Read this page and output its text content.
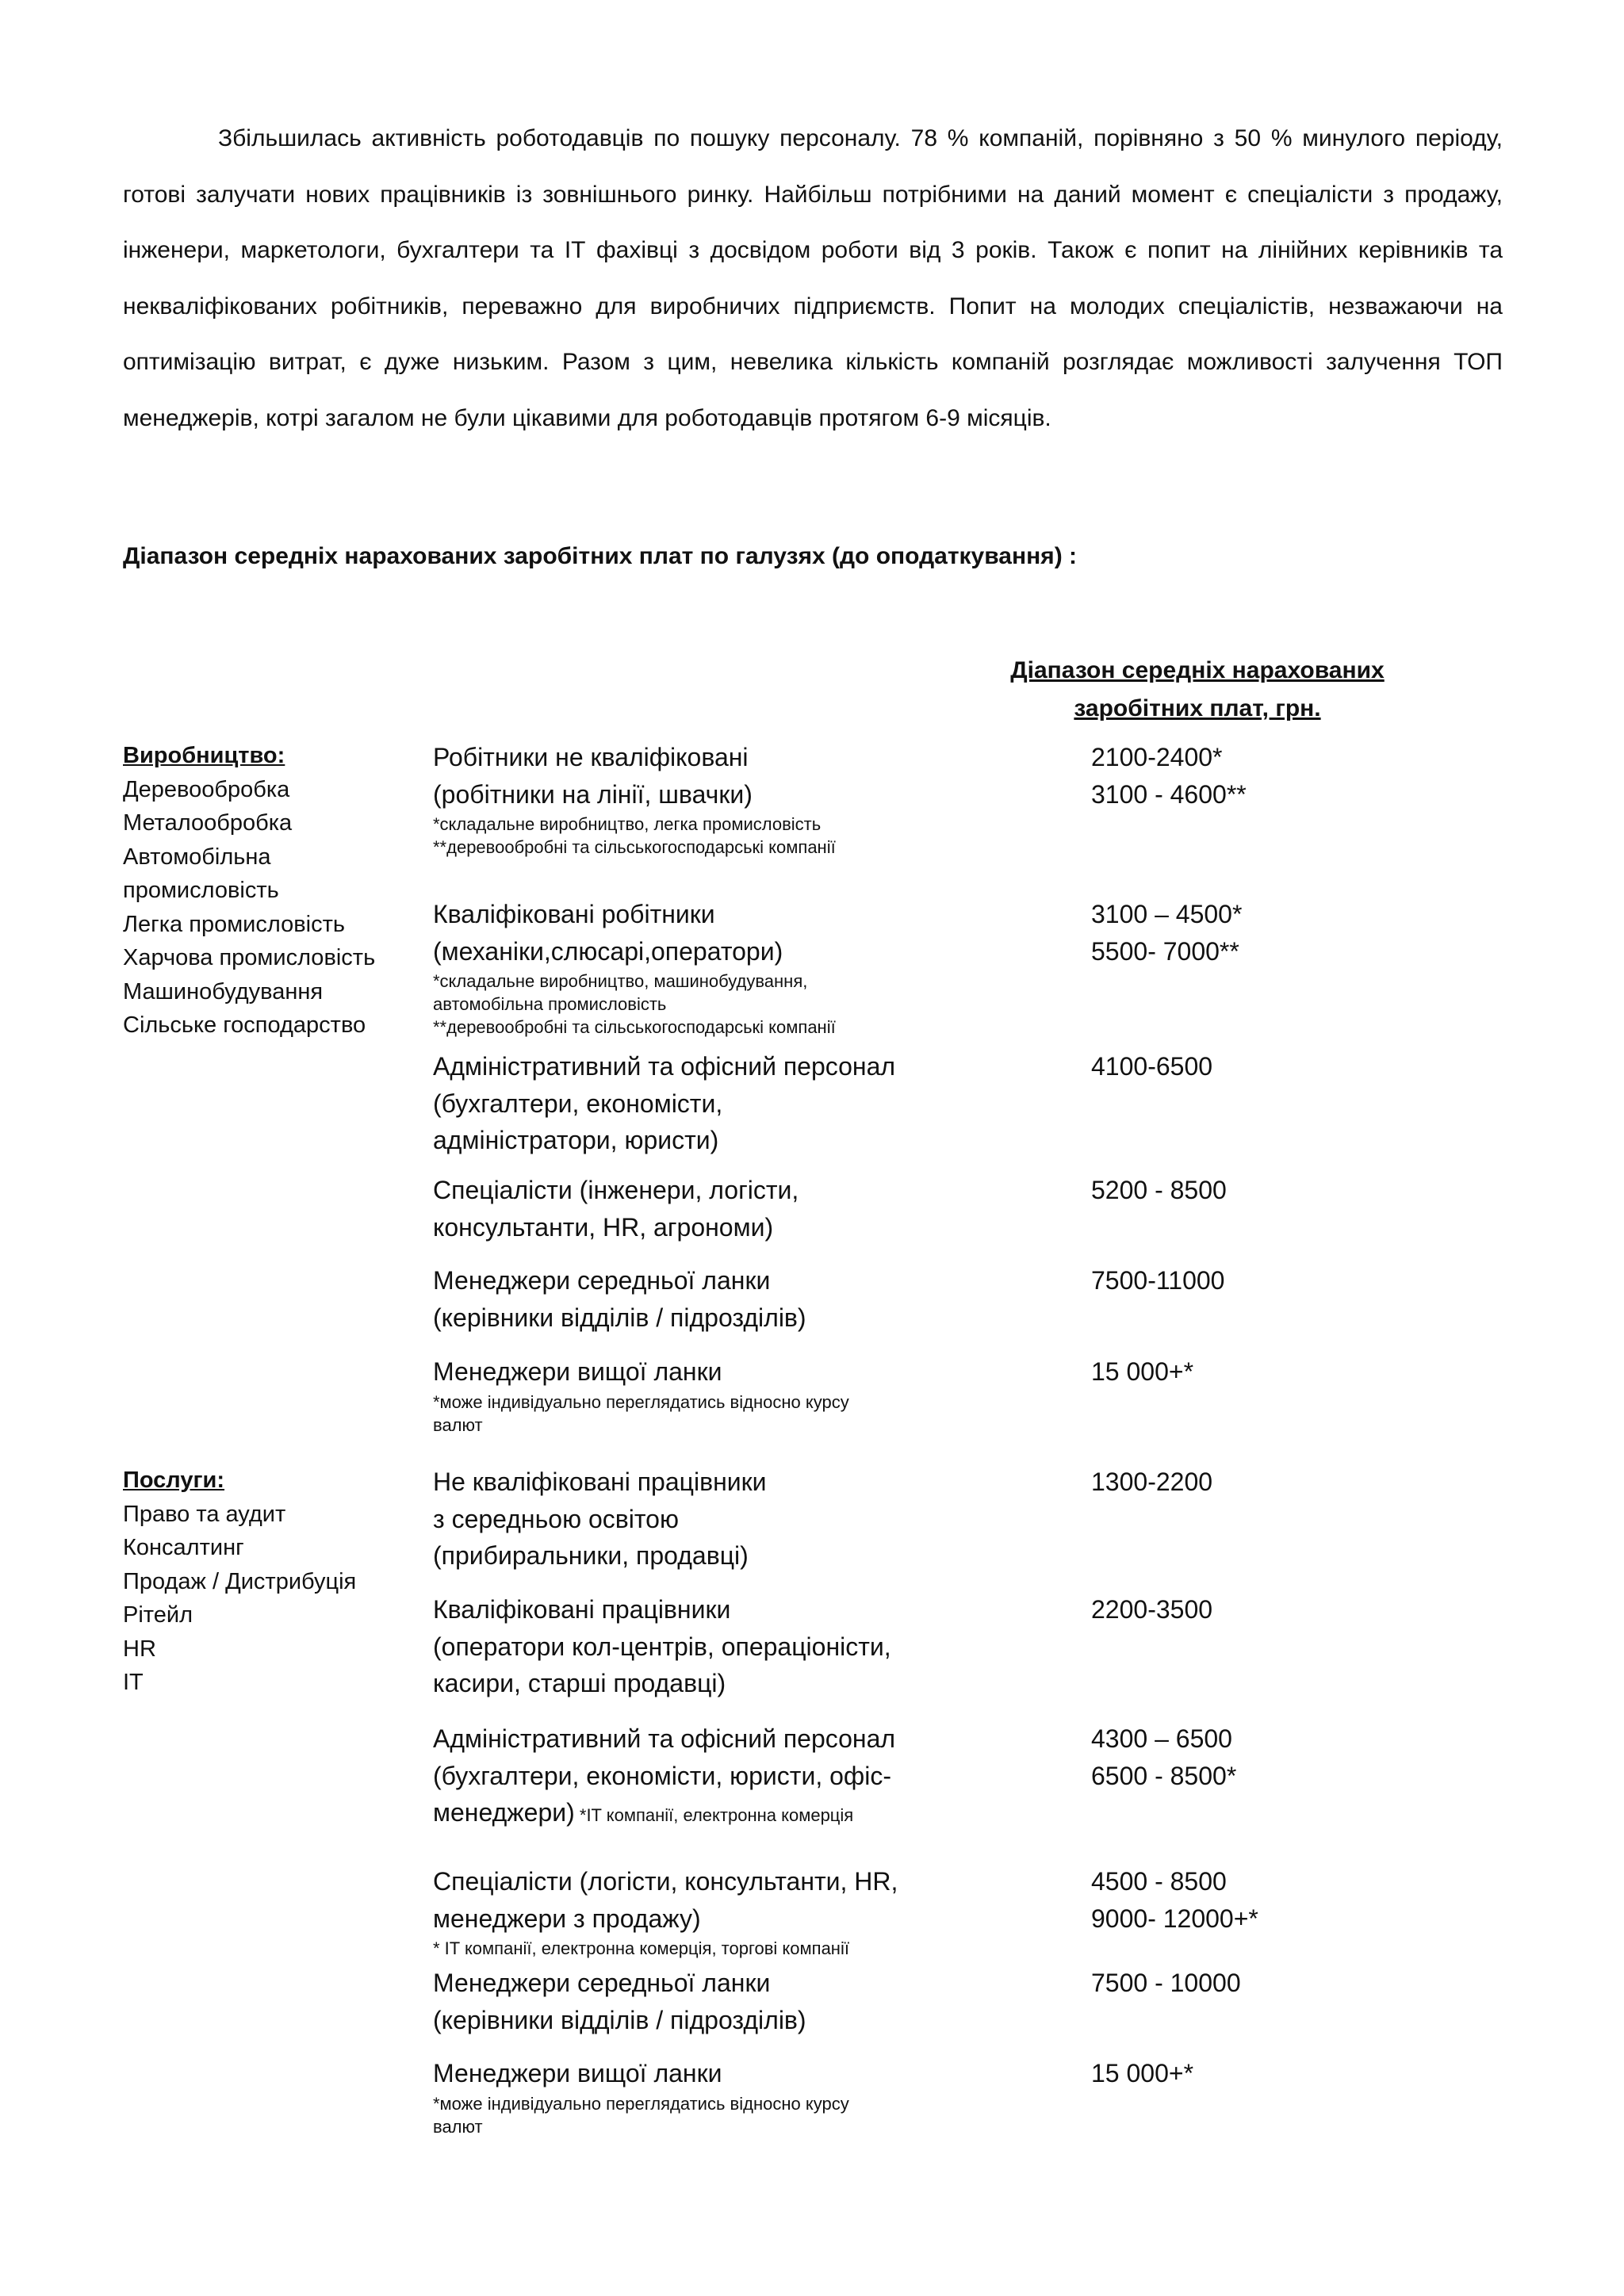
Збільшилась активність роботодавців по пошуку персоналу. 78 % компаній, порівняно з 50 % минулого періоду, готові залучати нових працівників із зовнішнього ринку. Найбільш потрібними на даний момент є спеціалісти з продажу, інженери, маркетологи, бухгалтери та ІТ фахівці з досвідом роботи від 3 років. Також є попит на лінійних керівників та некваліфікованих робітників, переважно для виробничих підприємств. Попит на молодих спеціалістів, незважаючи на оптимізацію витрат, є дуже низьким. Разом з цим, невелика кількість компаній розглядає можливості залучення ТОП менеджерів, котрі загалом не були цікавими для роботодавців протягом 6-9 місяців.

Діапазон середніх нарахованих заробітних плат по галузях (до оподаткування) :
Діапазон середніх нарахованих
заробітних плат, грн.
Виробництво:
Деревообробка
Металообробка
Автомобільна
промисловість
Легка промисловість
Харчова промисловість
Машинобудування
Сільське господарство
Послуги:
Право та аудит
Консалтинг
Продаж / Дистрибуція
Рітейл
HR
IT
Робітники не кваліфіковані
(робітники на лінії, швачки)
*складальне виробництво, легка промисловість
**деревообробні та сільськогосподарські компанії
2100-2400*
3100 - 4600**
Кваліфіковані робітники
(механіки,слюсарі,оператори)
*складальне виробництво, машинобудування,
автомобільна промисловість
**деревообробні та сільськогосподарські компанії
3100 – 4500*
5500- 7000**
Адміністративний та офісний персонал
(бухгалтери, економісти,
адміністратори, юристи)
4100-6500
Спеціалісти (інженери, логісти,
консультанти, HR, агрономи)
5200 - 8500
Менеджери середньої ланки
(керівники відділів / підрозділів)
7500-11000
Менеджери вищої ланки
*може індивідуально переглядатись відносно курсу
валют
15 000+*
Не кваліфіковані працівники
з середньою освітою
(прибиральники, продавці)
1300-2200
Кваліфіковані працівники
(оператори кол-центрів, операціоністи,
касири, старші продавці)
2200-3500
Адміністративний та офісний персонал
(бухгалтери, економісти, юристи, офіс-
менеджери) *IT компанії, електронна комерція
4300 – 6500
6500 - 8500*
Спеціалісти (логісти, консультанти, HR,
менеджери з продажу)
* IT компанії, електронна комерція, торгові компанії
4500 - 8500
9000- 12000+*
Менеджери середньої ланки
(керівники відділів / підрозділів)
7500 - 10000
Менеджери вищої ланки
*може індивідуально переглядатись відносно курсу
валют
15 000+*
